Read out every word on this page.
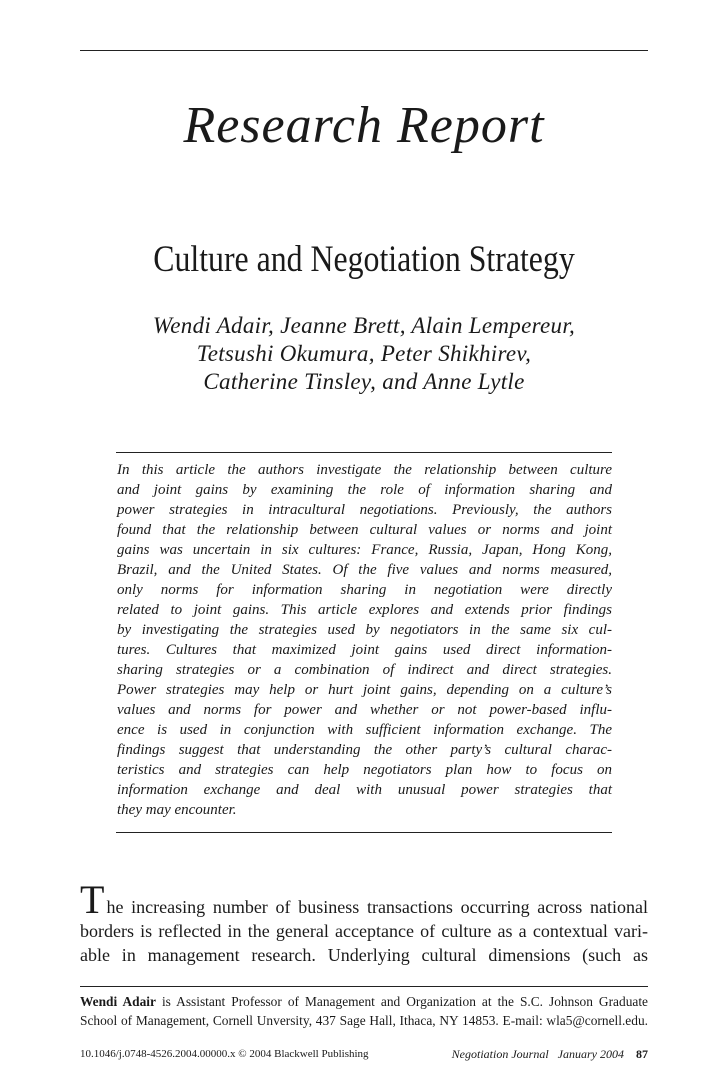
Research Report
Culture and Negotiation Strategy
Wendi Adair, Jeanne Brett, Alain Lempereur,
Tetsushi Okumura, Peter Shikhirev,
Catherine Tinsley, and Anne Lytle
In this article the authors investigate the relationship between culture
and joint gains by examining the role of information sharing and
power strategies in intracultural negotiations. Previously, the authors
found that the relationship between cultural values or norms and joint
gains was uncertain in six cultures: France, Russia, Japan, Hong Kong,
Brazil, and the United States. Of the five values and norms measured,
only norms for information sharing in negotiation were directly
related to joint gains. This article explores and extends prior findings
by investigating the strategies used by negotiators in the same six cul-
tures. Cultures that maximized joint gains used direct information-
sharing strategies or a combination of indirect and direct strategies.
Power strategies may help or hurt joint gains, depending on a culture’s
values and norms for power and whether or not power-based influ-
ence is used in conjunction with sufficient information exchange. The
findings suggest that understanding the other party’s cultural charac-
teristics and strategies can help negotiators plan how to focus on
information exchange and deal with unusual power strategies that
they may encounter.
The increasing number of business transactions occurring across national
borders is reflected in the general acceptance of culture as a contextual vari-
able in management research. Underlying cultural dimensions (such as
Wendi Adair is Assistant Professor of Management and Organization at the S.C. Johnson Graduate
School of Management, Cornell Unversity, 437 Sage Hall, Ithaca, NY 14853. E-mail: wla5@cornell.edu.
10.1046/j.0748-4526.2004.00000.x © 2004 Blackwell Publishing	Negotiation Journal January 2004 87
